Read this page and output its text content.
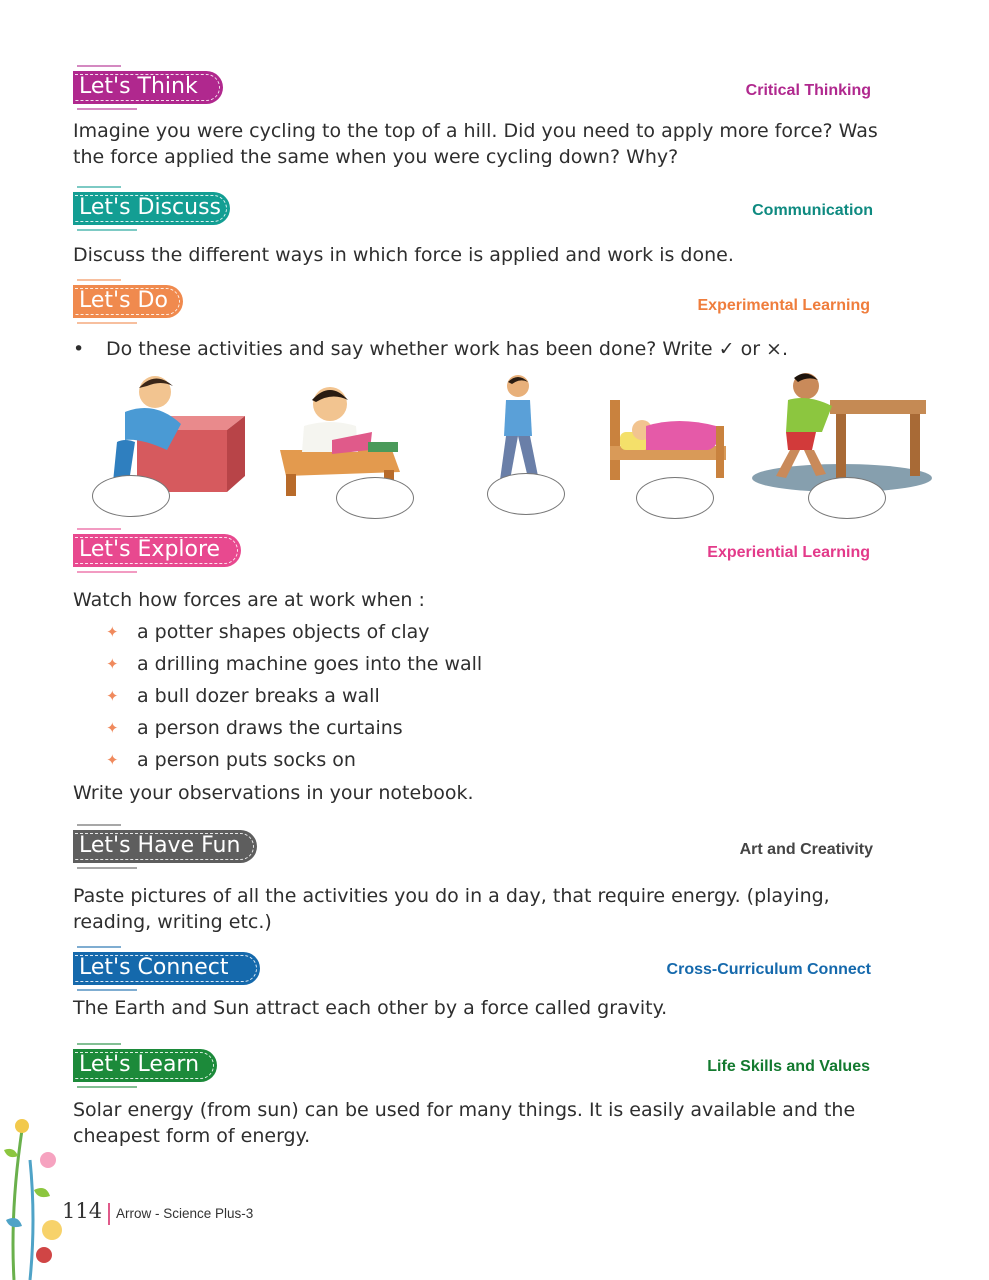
Let's Think	Critical Thinking
Imagine you were cycling to the top of a hill. Did you need to apply more force? Was the force applied the same when you were cycling down? Why?
Let's Discuss	Communication
Discuss the different ways in which force is applied and work is done.
Let's Do	Experimental Learning
• Do these activities and say whether work has been done? Write ✓ or ×.
Let's Explore	Experiential Learning
Watch how forces are at work when :
✦ a potter shapes objects of clay
✦ a drilling machine goes into the wall
✦ a bull dozer breaks a wall
✦ a person draws the curtains
✦ a person puts socks on
Write your observations in your notebook.
Let's Have Fun	Art and Creativity
Paste pictures of all the activities you do in a day, that require energy. (playing, reading, writing etc.)
Let's Connect	Cross-Curriculum Connect
The Earth and Sun attract each other by a force called gravity.
Let's Learn	Life Skills and Values
Solar energy (from sun) can be used for many things. It is easily available and the cheapest form of energy.
114 Arrow - Science Plus-3
